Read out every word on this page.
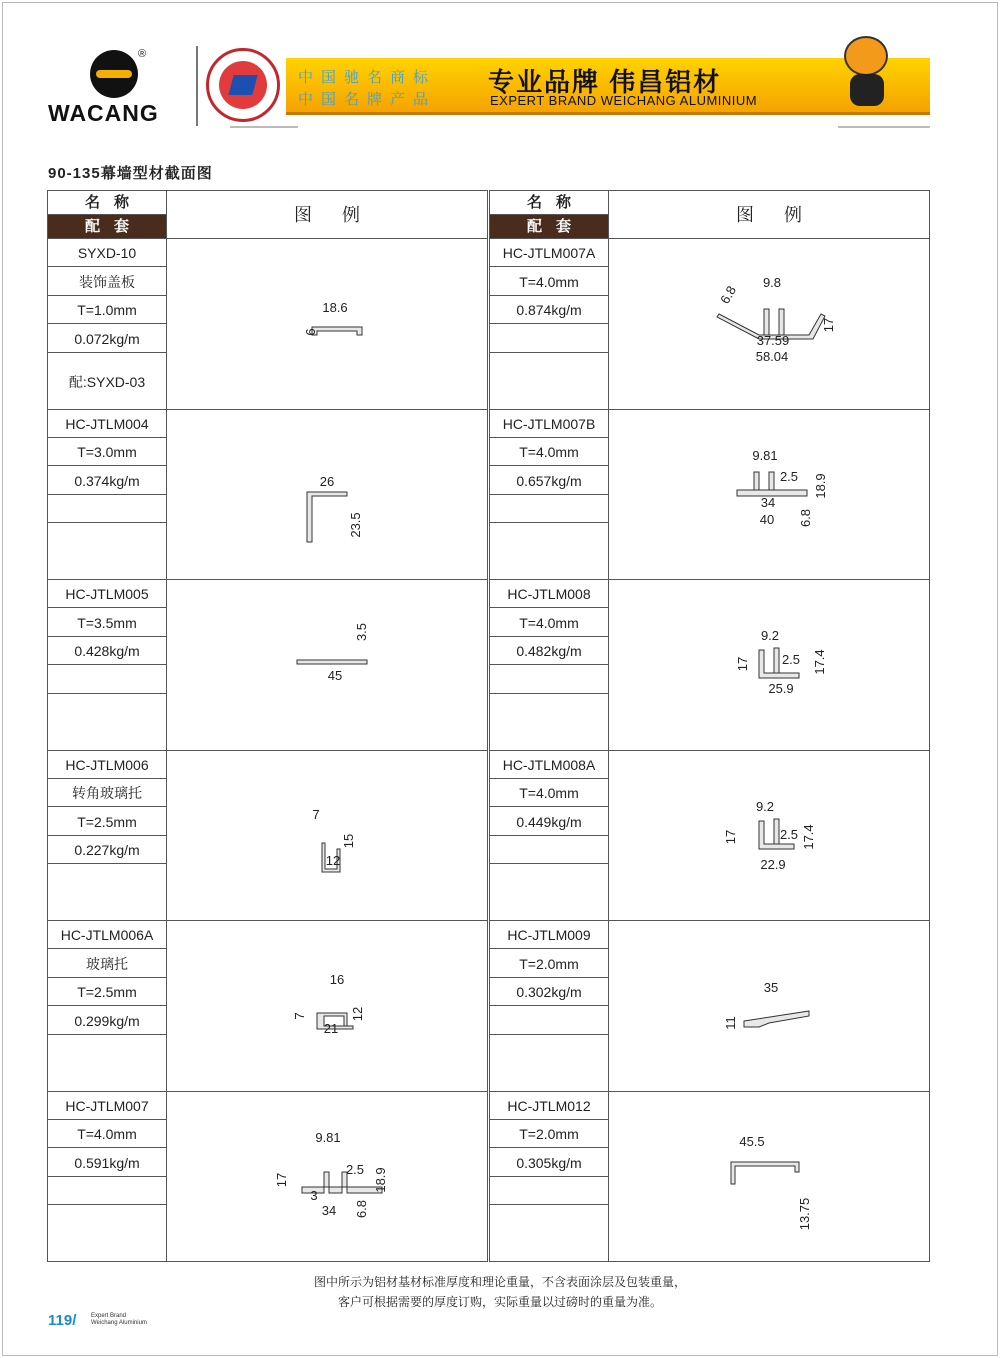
®
WACANG
中国驰名商标
中国名牌产品
专业品牌 伟昌铝材
EXPERT BRAND WEICHANG ALUMINIUM
90-135幕墙型材截面图
名称
配套
图例
SYXD-10
装饰盖板
T=1.0mm
0.072kg/m
配:SYXD-03
18.6
6
HC-JTLM004
T=3.0mm
0.374kg/m	26
23.5
HC-JTLM005
T=3.5mm
0.428kg/m
45
3.5
HC-JTLM006
转角玻璃托
T=2.5mm
0.227kg/m
7
15
12
HC-JTLM006A
玻璃托
T=2.5mm
0.299kg/m
16
7	12
21
HC-JTLM007
T=4.0mm
0.591kg/m
9.81
17
2.5 18.9
3
34 6.8
名称
配套
图例
HC-JTLM007A
T=4.0mm
0.874kg/m
6.8
9.8
17
37.59
58.04
HC-JTLM007B
T=4.0mm
0.657kg/m
9.81
2.5 18.9
34
40 6.8
HC-JTLM008
T=4.0mm
0.482kg/m
9.2
17 2.5 17.4
25.9
HC-JTLM008A
T=4.0mm
0.449kg/m
9.2
17	2.5 17.4
22.9
HC-JTLM009
T=2.0mm
0.302kg/m	35
11
HC-JTLM012
T=2.0mm
0.305kg/m
45.5
13.75
图中所示为铝材基材标准厚度和理论重量，不含表面涂层及包装重量，
客户可根据需要的厚度订购，实际重量以过磅时的重量为准。
119/ Expert Brand
Weichang Aluminium
